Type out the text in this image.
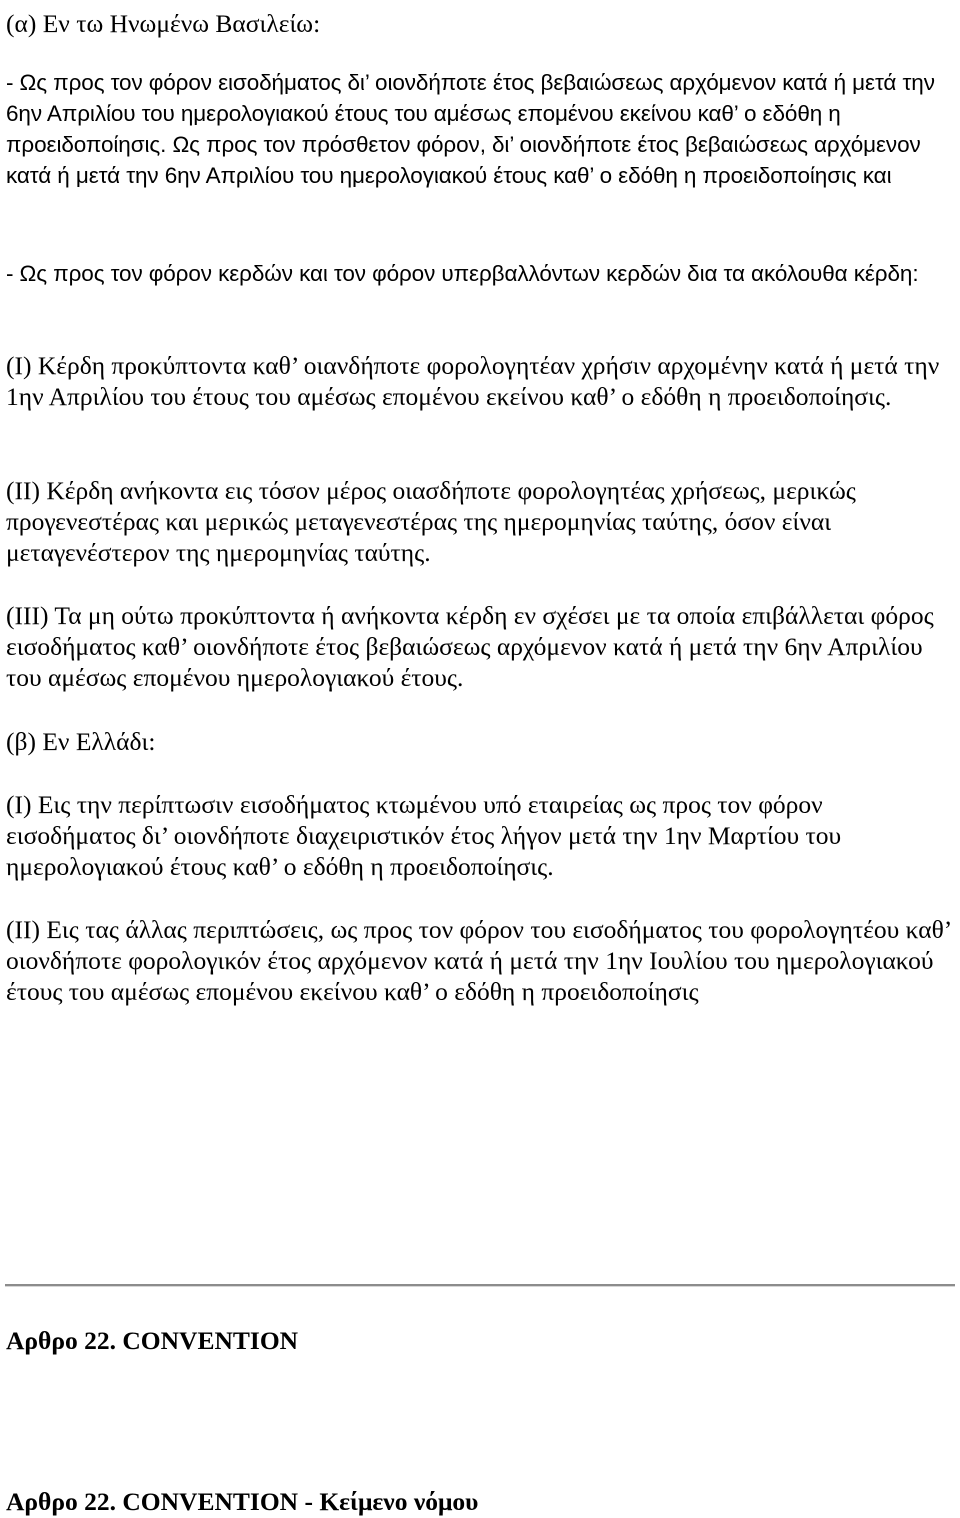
(α) Εν τω Ηνωμένω Βασιλείω:

- Ως προς τον φόρον εισοδήματος δι’ οιονδήποτε έτος βεβαιώσεως αρχόμενον κατά ή μετά την 6ην Απριλίου του ημερολογιακού έτους του αμέσως επομένου εκείνου καθ’ ο εδόθη η προειδοποίησις. Ως προς τον πρόσθετον φόρον, δι’ οιονδήποτε έτος βεβαιώσεως αρχόμενον κατά ή μετά την 6ην Απριλίου του ημερολογιακού έτους καθ’ ο εδόθη η προειδοποίησις και

- Ως προς τον φόρον κερδών και τον φόρον υπερβαλλόντων κερδών δια τα ακόλουθα κέρδη:

(Ι) Κέρδη προκύπτοντα καθ’ οιανδήποτε φορολογητέαν χρήσιν αρχομένην κατά ή μετά την 1ην Απριλίου του έτους του αμέσως επομένου εκείνου καθ’ ο εδόθη η προειδοποίησις.

(ΙΙ) Κέρδη ανήκοντα εις τόσον μέρος οιασδήποτε φορολογητέας χρήσεως, μερικώς προγενεστέρας και μερικώς μεταγενεστέρας της ημερομηνίας ταύτης, όσον είναι μεταγενέστερον της ημερομηνίας ταύτης.

(ΙΙΙ) Τα μη ούτω προκύπτοντα ή ανήκοντα κέρδη εν σχέσει με τα οποία επιβάλλεται φόρος εισοδήματος καθ’ οιονδήποτε έτος βεβαιώσεως αρχόμενον κατά ή μετά την 6ην Απριλίου του αμέσως επομένου ημερολογιακού έτους.

(β) Εν Ελλάδι:

(Ι) Εις την περίπτωσιν εισοδήματος κτωμένου υπό εταιρείας ως προς τον φόρον εισοδήματος δι’ οιονδήποτε διαχειριστικόν έτος λήγον μετά την 1ην Μαρτίου του ημερολογιακού έτους καθ’ ο εδόθη η προειδοποίησις.

(ΙΙ) Εις τας άλλας περιπτώσεις, ως προς τον φόρον του εισοδήματος του φορολογητέου καθ’ οιονδήποτε φορολογικόν έτος αρχόμενον κατά ή μετά την 1ην Ιουλίου του ημερολογιακού έτους του αμέσως επομένου εκείνου καθ’ ο εδόθη η προειδοποίησις

Αρθρο 22. CONVENTION

Αρθρο 22. CONVENTION - Κείμενο νόμου
